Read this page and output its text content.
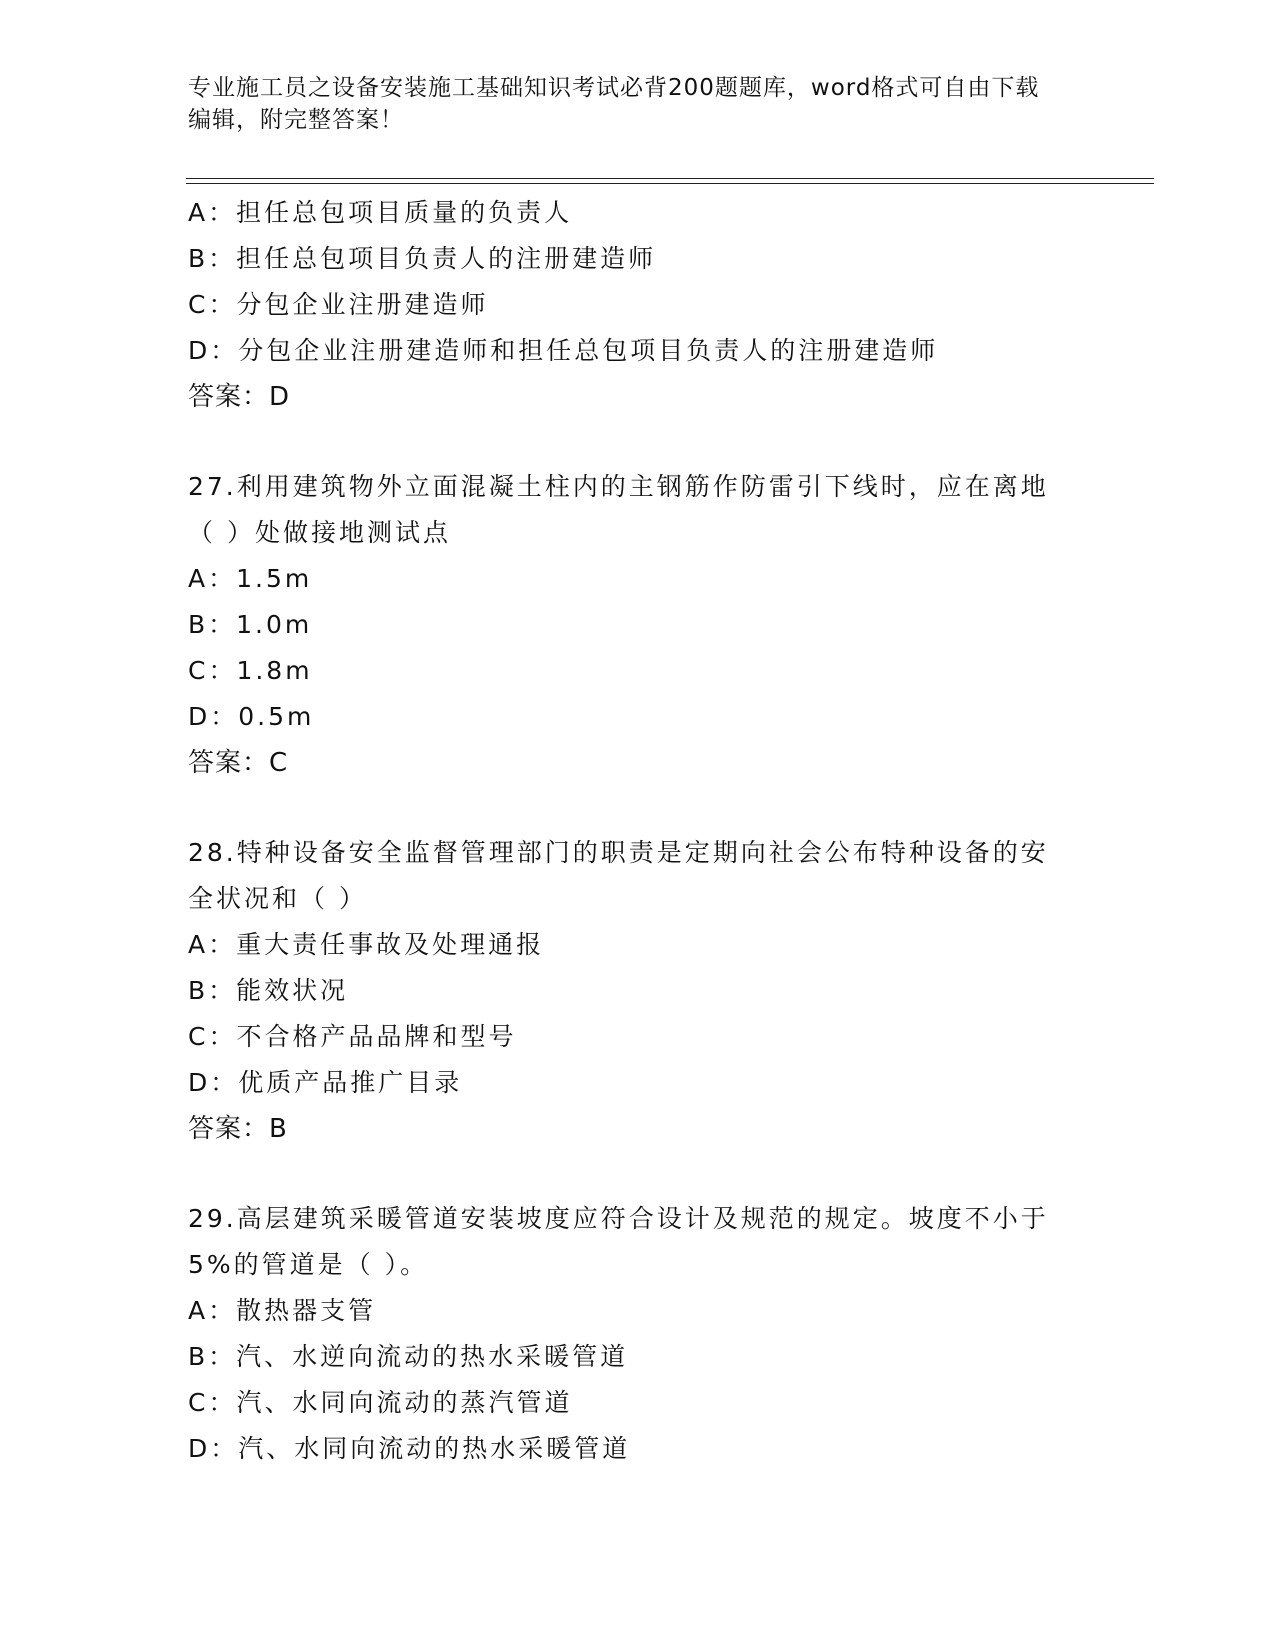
专业施工员之设备安装施工基础知识考试必背200题题库，word格式可自由下载
编辑，附完整答案！
A：担任总包项目质量的负责人
B：担任总包项目负责人的注册建造师
C：分包企业注册建造师
D：分包企业注册建造师和担任总包项目负责人的注册建造师
答案：D
27.利用建筑物外立面混凝土柱内的主钢筋作防雷引下线时，应在离地
（ ）处做接地测试点
A：1.5m
B：1.0m
C：1.8m
D：0.5m
答案：C
28.特种设备安全监督管理部门的职责是定期向社会公布特种设备的安
全状况和（ ）
A：重大责任事故及处理通报
B：能效状况
C：不合格产品品牌和型号
D：优质产品推广目录
答案：B
29.高层建筑采暖管道安装坡度应符合设计及规范的规定。坡度不小于
5%的管道是（ ）。
A：散热器支管
B：汽、水逆向流动的热水采暖管道
C：汽、水同向流动的蒸汽管道
D：汽、水同向流动的热水采暖管道
